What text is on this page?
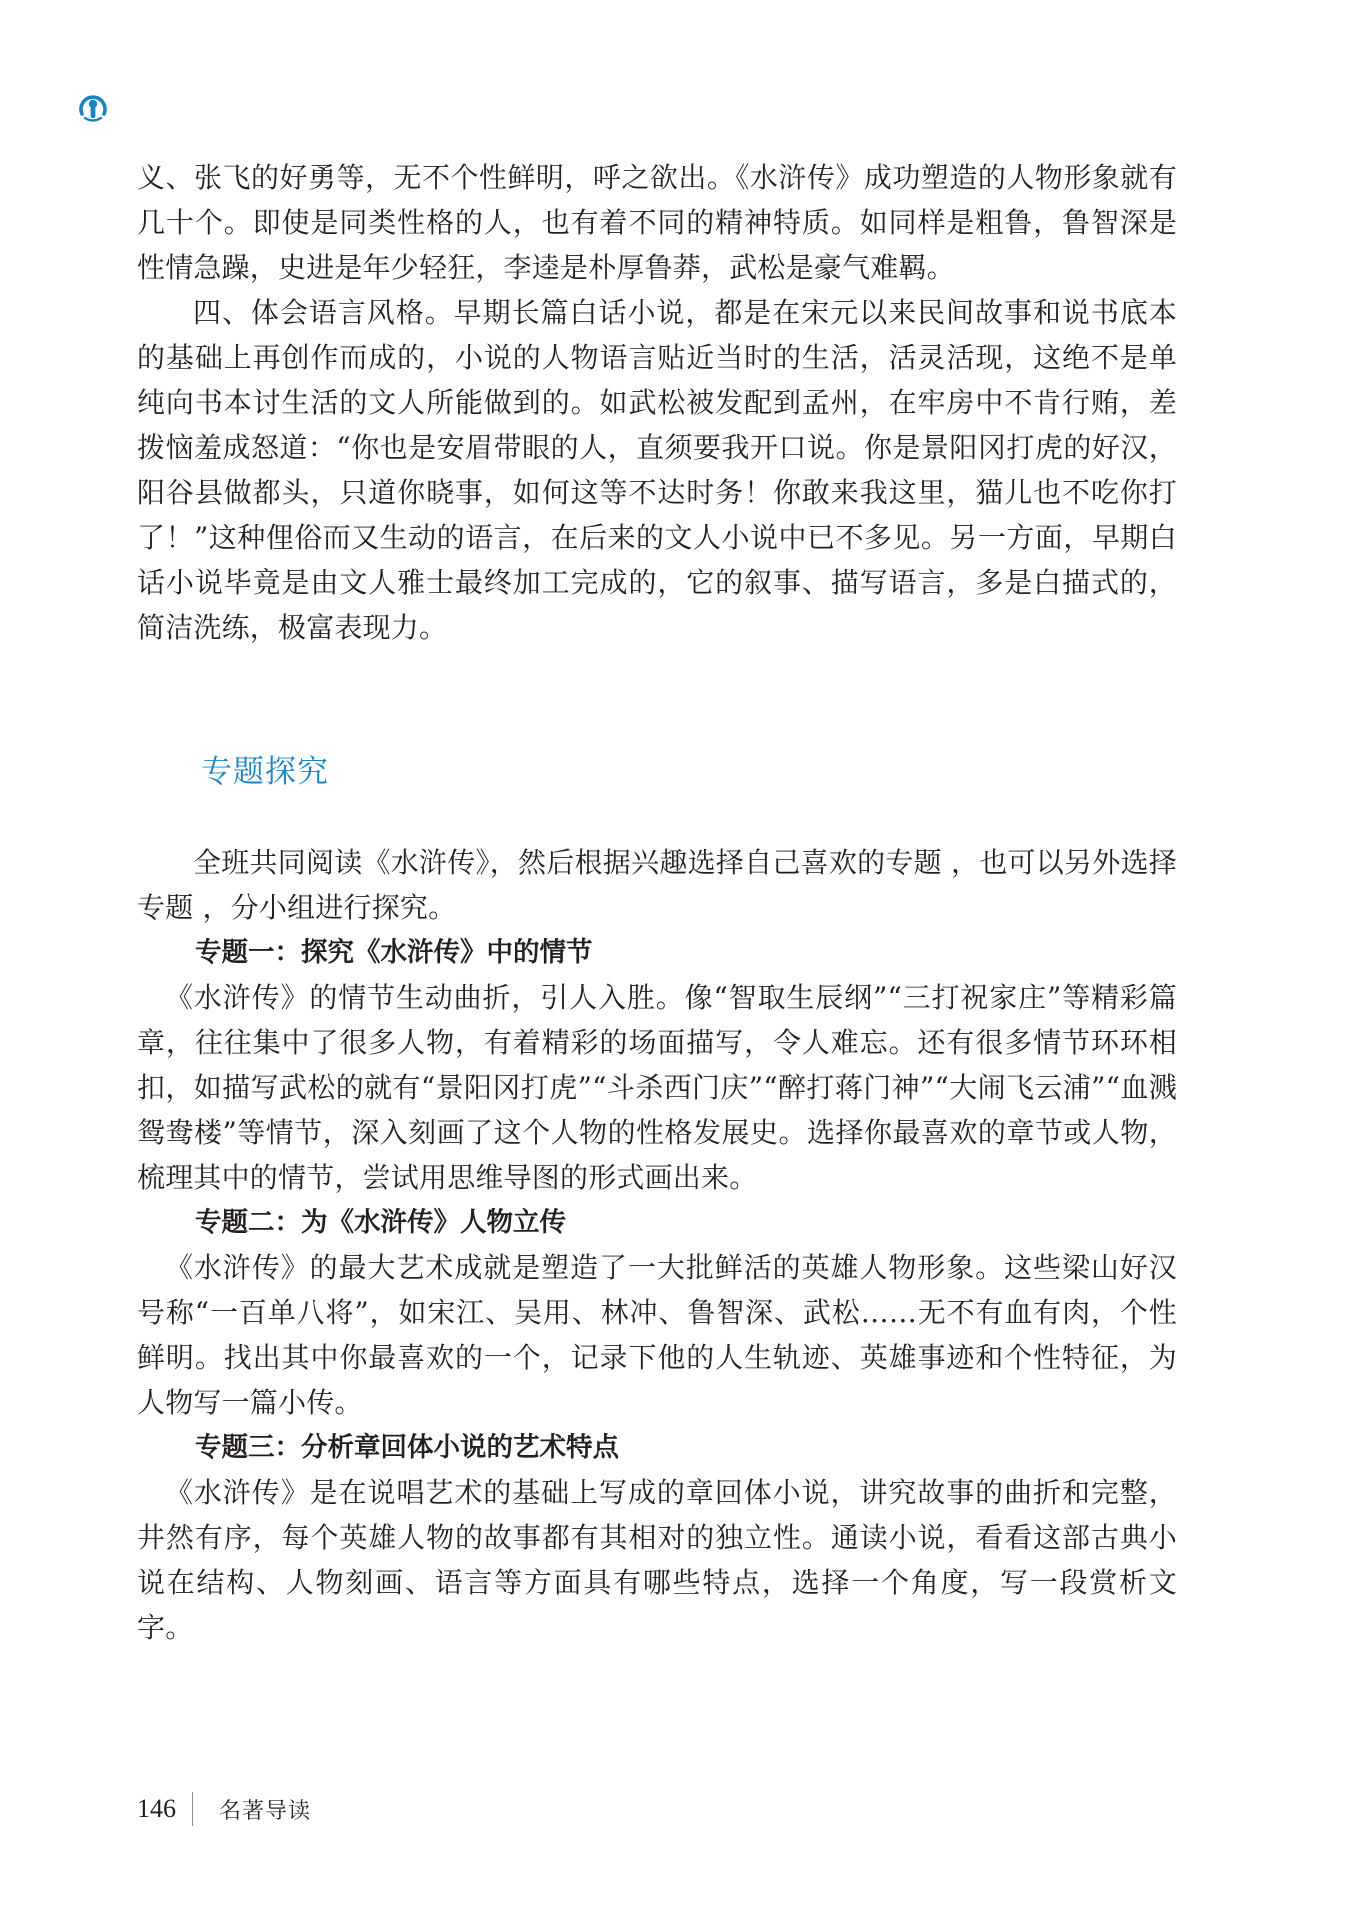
义、张飞的好勇等，无不个性鲜明，呼之欲出。《水浒传》成功塑造的人物形象就有几十个。即使是同类性格的人，也有着不同的精神特质。如同样是粗鲁，鲁智深是性情急躁，史进是年少轻狂，李逵是朴厚鲁莽，武松是豪气难羁。

四、体会语言风格。早期长篇白话小说，都是在宋元以来民间故事和说书底本的基础上再创作而成的，小说的人物语言贴近当时的生活，活灵活现，这绝不是单纯向书本讨生活的文人所能做到的。如武松被发配到孟州，在牢房中不肯行贿，差拨恼羞成怒道：“你也是安眉带眼的人，直须要我开口说。你是景阳冈打虎的好汉，阳谷县做都头，只道你晓事，如何这等不达时务！你敢来我这里，猫儿也不吃你打了！”这种俚俗而又生动的语言，在后来的文人小说中已不多见。另一方面，早期白话小说毕竟是由文人雅士最终加工完成的，它的叙事、描写语言，多是白描式的，简洁洗练，极富表现力。

专题探究

全班共同阅读《水浒传》，然后根据兴趣选择自己喜欢的专题 ，也可以另外选择专题 ，分小组进行探究。

专题一：探究《水浒传》中的情节

《水浒传》的情节生动曲折，引人入胜。像“智取生辰纲”“三打祝家庄”等精彩篇章，往往集中了很多人物，有着精彩的场面描写，令人难忘。还有很多情节环环相扣，如描写武松的就有“景阳冈打虎”“斗杀西门庆”“醉打蒋门神”“大闹飞云浦”“血溅鸳鸯楼”等情节，深入刻画了这个人物的性格发展史。选择你最喜欢的章节或人物，梳理其中的情节，尝试用思维导图的形式画出来。

专题二：为《水浒传》人物立传

《水浒传》的最大艺术成就是塑造了一大批鲜活的英雄人物形象。这些梁山好汉号称“一百单八将”，如宋江、吴用、林冲、鲁智深、武松……无不有血有肉，个性鲜明。找出其中你最喜欢的一个，记录下他的人生轨迹、英雄事迹和个性特征，为人物写一篇小传。

专题三：分析章回体小说的艺术特点

《水浒传》是在说唱艺术的基础上写成的章回体小说，讲究故事的曲折和完整，井然有序，每个英雄人物的故事都有其相对的独立性。通读小说，看看这部古典小说在结构、人物刻画、语言等方面具有哪些特点，选择一个角度，写一段赏析文字。

146 名著导读
